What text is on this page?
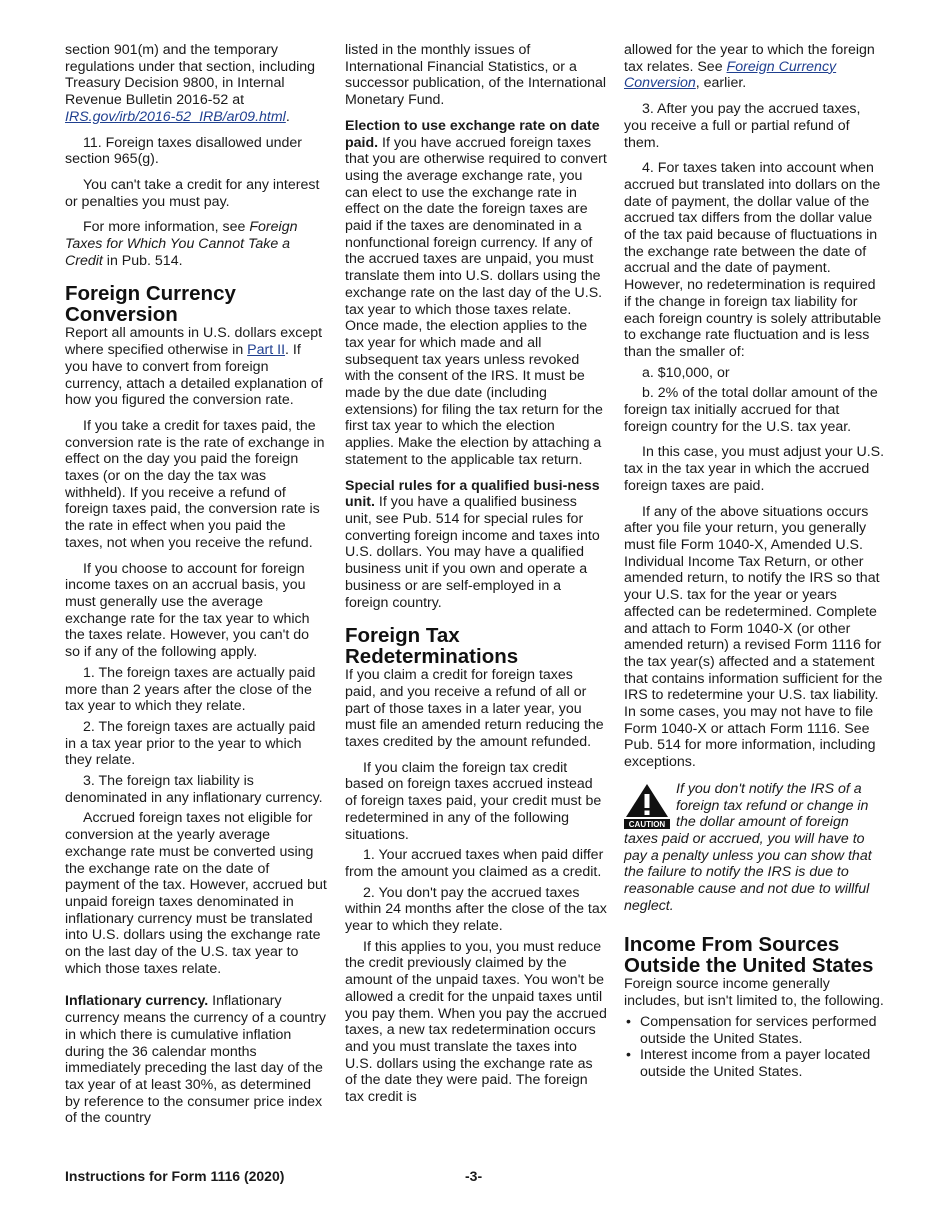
section 901(m) and the temporary regulations under that section, including Treasury Decision 9800, in Internal Revenue Bulletin 2016-52 at IRS.gov/irb/2016-52_IRB/ar09.html.

11. Foreign taxes disallowed under section 965(g).

You can't take a credit for any interest or penalties you must pay.

For more information, see Foreign Taxes for Which You Cannot Take a Credit in Pub. 514.

Foreign Currency Conversion

Report all amounts in U.S. dollars except where specified otherwise in Part II. If you have to convert from foreign currency, attach a detailed explanation of how you figured the conversion rate.

If you take a credit for taxes paid, the conversion rate is the rate of exchange in effect on the day you paid the foreign taxes (or on the day the tax was withheld). If you receive a refund of foreign taxes paid, the conversion rate is the rate in effect when you paid the taxes, not when you receive the refund.

If you choose to account for foreign income taxes on an accrual basis, you must generally use the average exchange rate for the tax year to which the taxes relate. However, you can't do so if any of the following apply.

1. The foreign taxes are actually paid more than 2 years after the close of the tax year to which they relate.

2. The foreign taxes are actually paid in a tax year prior to the year to which they relate.

3. The foreign tax liability is denominated in any inflationary currency.

Accrued foreign taxes not eligible for conversion at the yearly average exchange rate must be converted using the exchange rate on the date of payment of the tax. However, accrued but unpaid foreign taxes denominated in inflationary currency must be translated into U.S. dollars using the exchange rate on the last day of the U.S. tax year to which those taxes relate.

Inflationary currency. Inflationary currency means the currency of a country in which there is cumulative inflation during the 36 calendar months immediately preceding the last day of the tax year of at least 30%, as determined by reference to the consumer price index of the country

listed in the monthly issues of International Financial Statistics, or a successor publication, of the International Monetary Fund.

Election to use exchange rate on date paid. If you have accrued foreign taxes that you are otherwise required to convert using the average exchange rate, you can elect to use the exchange rate in effect on the date the foreign taxes are paid if the taxes are denominated in a nonfunctional foreign currency. If any of the accrued taxes are unpaid, you must translate them into U.S. dollars using the exchange rate on the last day of the U.S. tax year to which those taxes relate. Once made, the election applies to the tax year for which made and all subsequent tax years unless revoked with the consent of the IRS. It must be made by the due date (including extensions) for filing the tax return for the first tax year to which the election applies. Make the election by attaching a statement to the applicable tax return.

Special rules for a qualified busi-ness unit. If you have a qualified business unit, see Pub. 514 for special rules for converting foreign income and taxes into U.S. dollars. You may have a qualified business unit if you own and operate a business or are self-employed in a foreign country.

Foreign Tax Redeterminations

If you claim a credit for foreign taxes paid, and you receive a refund of all or part of those taxes in a later year, you must file an amended return reducing the taxes credited by the amount refunded.

If you claim the foreign tax credit based on foreign taxes accrued instead of foreign taxes paid, your credit must be redetermined in any of the following situations.

1. Your accrued taxes when paid differ from the amount you claimed as a credit.

2. You don't pay the accrued taxes within 24 months after the close of the tax year to which they relate.

If this applies to you, you must reduce the credit previously claimed by the amount of the unpaid taxes. You won't be allowed a credit for the unpaid taxes until you pay them. When you pay the accrued taxes, a new tax redetermination occurs and you must translate the taxes into U.S. dollars using the exchange rate as of the date they were paid. The foreign tax credit is

allowed for the year to which the foreign tax relates. See Foreign Currency Conversion, earlier.

3. After you pay the accrued taxes, you receive a full or partial refund of them.

4. For taxes taken into account when accrued but translated into dollars on the date of payment, the dollar value of the accrued tax differs from the dollar value of the tax paid because of fluctuations in the exchange rate between the date of accrual and the date of payment. However, no redetermination is required if the change in foreign tax liability for each foreign country is solely attributable to exchange rate fluctuation and is less than the smaller of:

a. $10,000, or

b. 2% of the total dollar amount of the foreign tax initially accrued for that foreign country for the U.S. tax year.

In this case, you must adjust your U.S. tax in the tax year in which the accrued foreign taxes are paid.

If any of the above situations occurs after you file your return, you generally must file Form 1040-X, Amended U.S. Individual Income Tax Return, or other amended return, to notify the IRS so that your U.S. tax for the year or years affected can be redetermined. Complete and attach to Form 1040-X (or other amended return) a revised Form 1116 for the tax year(s) affected and a statement that contains information sufficient for the IRS to redetermine your U.S. tax liability. In some cases, you may not have to file Form 1040-X or attach Form 1116. See Pub. 514 for more information, including exceptions.

CAUTION
If you don't notify the IRS of a foreign tax refund or change in the dollar amount of foreign taxes paid or accrued, you will have to pay a penalty unless you can show that the failure to notify the IRS is due to reasonable cause and not due to willful neglect.
Income From Sources Outside the United States

Foreign source income generally includes, but isn't limited to, the following.

• Compensation for services performed outside the United States.
• Interest income from a payer located outside the United States.
Instructions for Form 1116 (2020)	-3-
